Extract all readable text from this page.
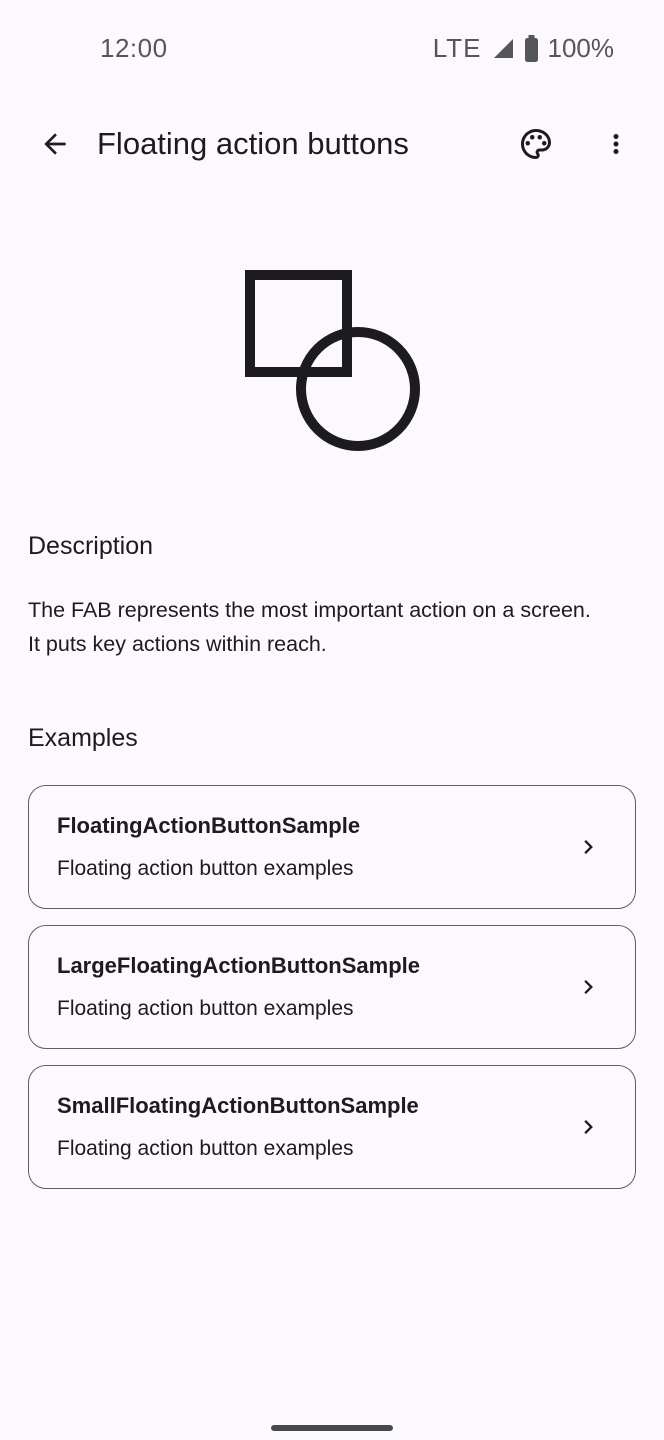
12:00	LTE	100%
Floating action buttons
Description

The FAB represents the most important action on a screen. It puts key actions within reach.

Examples
FloatingActionButtonSample
Floating action button examples
LargeFloatingActionButtonSample
Floating action button examples
SmallFloatingActionButtonSample
Floating action button examples
